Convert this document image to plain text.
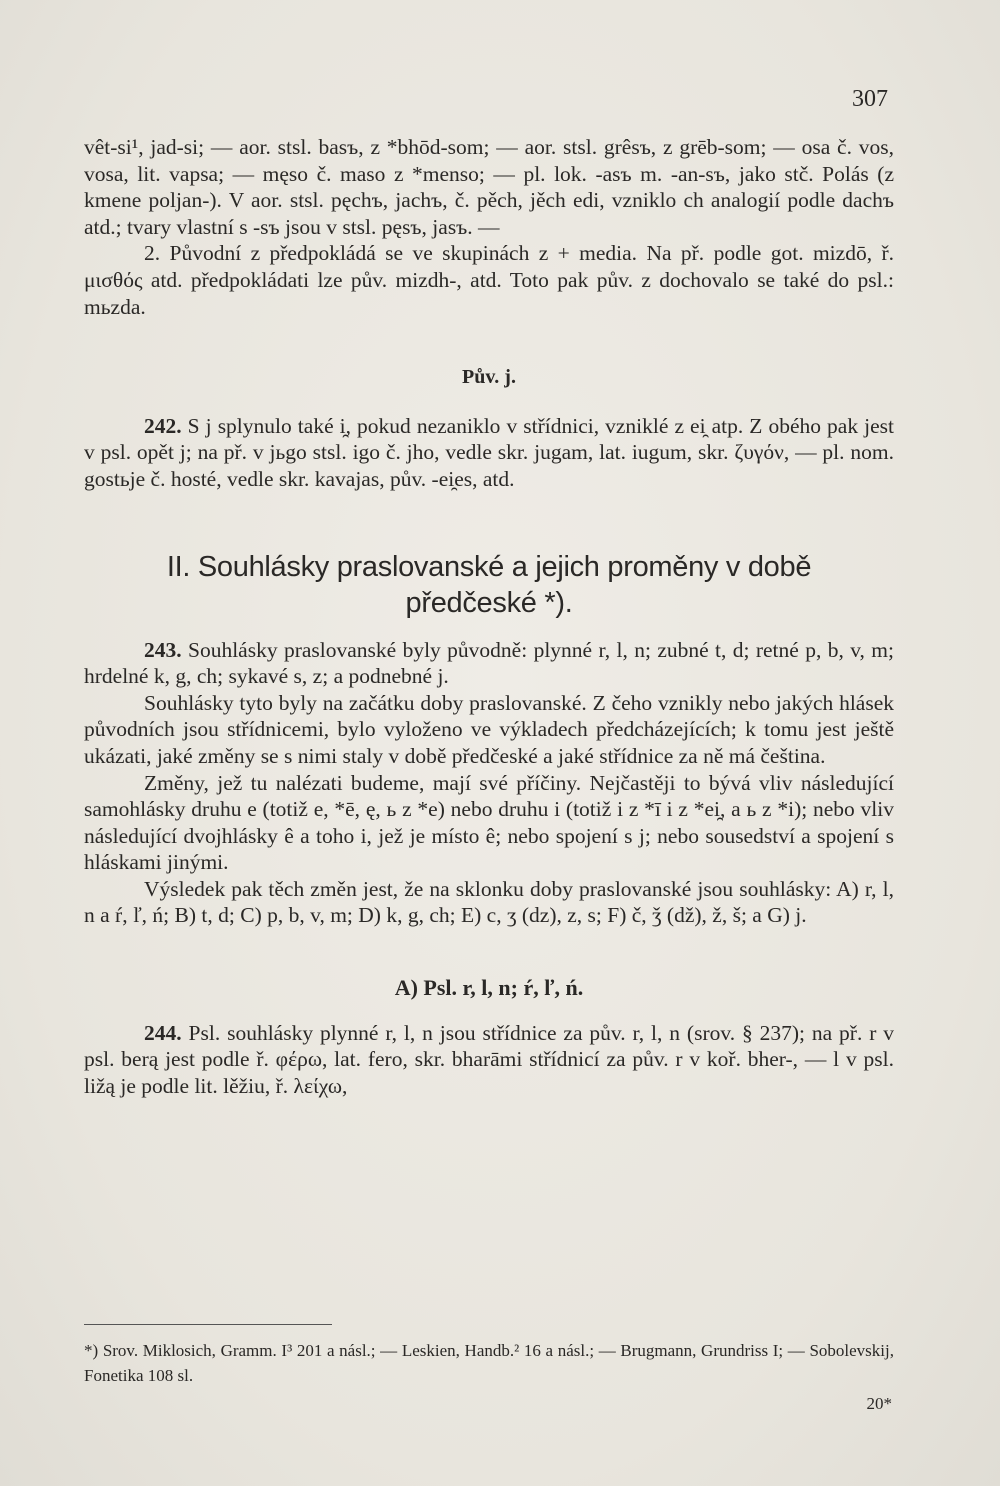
307

vêt-si¹, jad-si; — aor. stsl. basъ, z *bhōd-som; — aor. stsl. grêsъ, z grēb-som; — osa č. vos, vosa, lit. vapsa; — męso č. maso z *menso; — pl. lok. -asъ m. -an-sъ, jako stč. Polás (z kmene poljan-). V aor. stsl. pęchъ, jachъ, č. pěch, jěch edi, vzniklo ch analogií podle dachъ atd.; tvary vlastní s -sъ jsou v stsl. pęsъ, jasъ. —

2. Původní z předpokládá se ve skupinách z + media. Na př. podle got. mizdō, ř. μισθός atd. předpokládati lze pův. mizdh-, atd. Toto pak pův. z dochovalo se také do psl.: mьzda.

Pův. j.

242. S j splynulo také i̯, pokud nezaniklo v střídnici, vzniklé z ei̯ atp. Z obého pak jest v psl. opět j; na př. v jьgo stsl. igo č. jho, vedle skr. jugam, lat. iugum, skr. ζυγόν, — pl. nom. gostьje č. hosté, vedle skr. kavajas, pův. -ei̯es, atd.

II. Souhlásky praslovanské a jejich proměny v době
předčeské *).

243. Souhlásky praslovanské byly původně: plynné r, l, n; zubné t, d; retné p, b, v, m; hrdelné k, g, ch; sykavé s, z; a podnebné j.

Souhlásky tyto byly na začátku doby praslovanské. Z čeho vznikly nebo jakých hlásek původních jsou střídnicemi, bylo vyloženo ve výkladech předcházejících; k tomu jest ještě ukázati, jaké změny se s nimi staly v době předčeské a jaké střídnice za ně má čeština.

Změny, jež tu nalézati budeme, mají své příčiny. Nejčastěji to bývá vliv následující samohlásky druhu e (totiž e, *ē, ę, ь z *e) nebo druhu i (totiž i z *ī i z *ei̯, a ь z *i); nebo vliv následující dvojhlásky ê a toho i, jež je místo ê; nebo spojení s j; nebo sousedství a spojení s hláskami jinými.

Výsledek pak těch změn jest, že na sklonku doby praslovanské jsou souhlásky: A) r, l, n a ŕ, ľ, ń; B) t, d; C) p, b, v, m; D) k, g, ch; E) c, ʒ (dz), z, s; F) č, ǯ (dž), ž, š; a G) j.

A) Psl. r, l, n; ŕ, ľ, ń.

244. Psl. souhlásky plynné r, l, n jsou střídnice za pův. r, l, n (srov. § 237); na př. r v psl. berą jest podle ř. φέρω, lat. fero, skr. bharāmi střídnicí za pův. r v koř. bher-, — l v psl. ližą je podle lit. lěžiu, ř. λείχω,

*) Srov. Miklosich, Gramm. I³ 201 a násl.; — Leskien, Handb.² 16 a násl.; — Brugmann, Grundriss I; — Sobolevskij, Fonetika 108 sl.
20*
